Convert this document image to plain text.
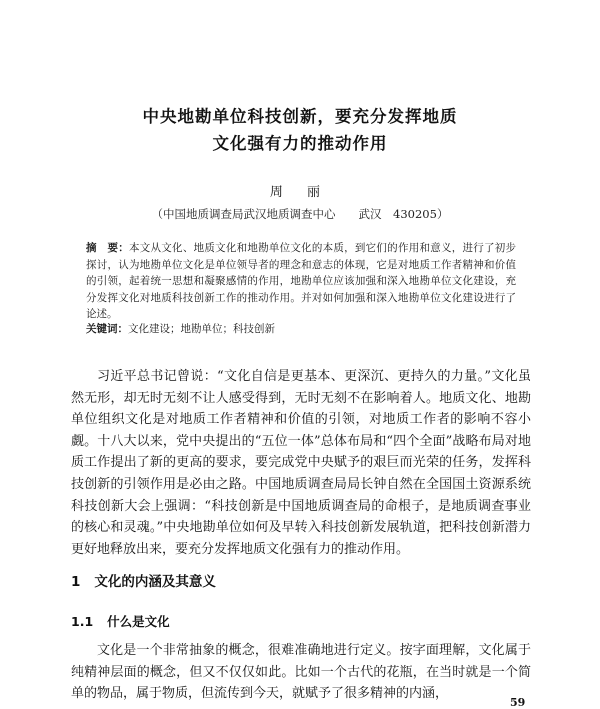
中央地勘单位科技创新，要充分发挥地质
文化强有力的推动作用
周 丽
（中国地质调查局武汉地质调查中心　　武汉　430205）
摘　要：本文从文化、地质文化和地勘单位文化的本质，到它们的作用和意义，进行了初步探讨，认为地勘单位文化是单位领导者的理念和意志的体现，它是对地质工作者精神和价值的引领，起着统一思想和凝聚感情的作用，地勘单位应该加强和深入地勘单位文化建设，充分发挥文化对地质科技创新工作的推动作用。并对如何加强和深入地勘单位文化建设进行了论述。
关键词：文化建设；地勘单位；科技创新
习近平总书记曾说：“文化自信是更基本、更深沉、更持久的力量。”文化虽然无形，却无时无刻不让人感受得到，无时无刻不在影响着人。地质文化、地勘单位组织文化是对地质工作者精神和价值的引领，对地质工作者的影响不容小觑。十八大以来，党中央提出的“五位一体”总体布局和“四个全面”战略布局对地质工作提出了新的更高的要求，要完成党中央赋予的艰巨而光荣的任务，发挥科技创新的引领作用是必由之路。中国地质调查局局长钟自然在全国国土资源系统科技创新大会上强调：“科技创新是中国地质调查局的命根子，是地质调查事业的核心和灵魂。”中央地勘单位如何及早转入科技创新发展轨道，把科技创新潜力更好地释放出来，要充分发挥地质文化强有力的推动作用。
1 文化的内涵及其意义
1.1 什么是文化
文化是一个非常抽象的概念，很难准确地进行定义。按字面理解，文化属于纯精神层面的概念，但又不仅仅如此。比如一个古代的花瓶，在当时就是一个简单的物品，属于物质，但流传到今天，就赋予了很多精神的内涵，
59
